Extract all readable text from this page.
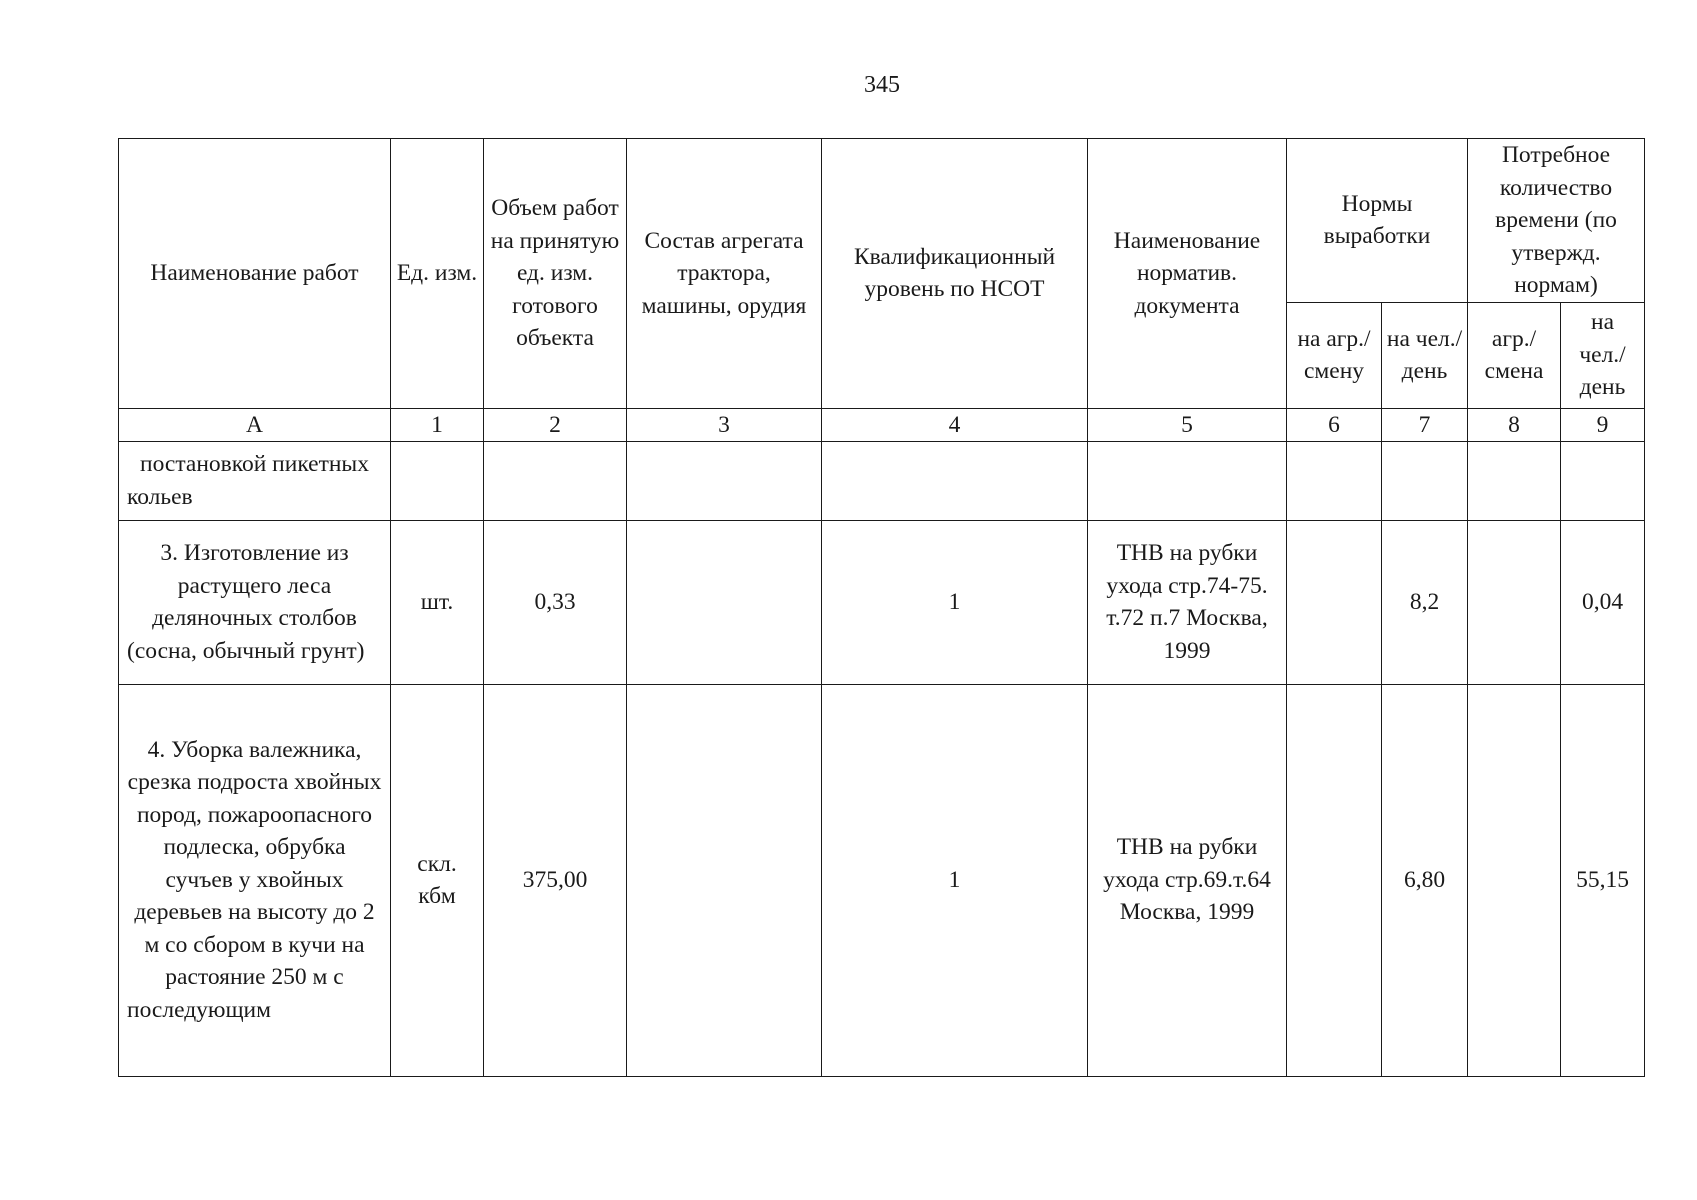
345
Наименование работ	Ед. изм.	Объем работ на принятую ед. изм. готового объекта	Состав агрегата трактора, машины, орудия	Квалификационный уровень по НСОТ	Наименование норматив. документа	Нормы выработки		Потребное количество времени (по утвержд. нормам)	
						на агр./ смену	на чел./ день	агр./ смена	на чел./ день
А	1	2	3	4	5	6	7	8	9
постановкой пикетных кольев									
3. Изготовление из растущего леса деляночных столбов (сосна, обычный грунт)	шт.	0,33		1	ТНВ на рубки ухода стр.74-75. т.72 п.7 Москва, 1999		8,2		0,04
4. Уборка валежника, срезка подроста хвойных пород, пожароопасного подлеска, обрубка сучъев у хвойных деревьев на высоту до 2 м со сбором в кучи на растояние 250 м с последующим	скл. кбм	375,00		1	ТНВ на рубки ухода стр.69.т.64 Москва, 1999		6,80		55,15
